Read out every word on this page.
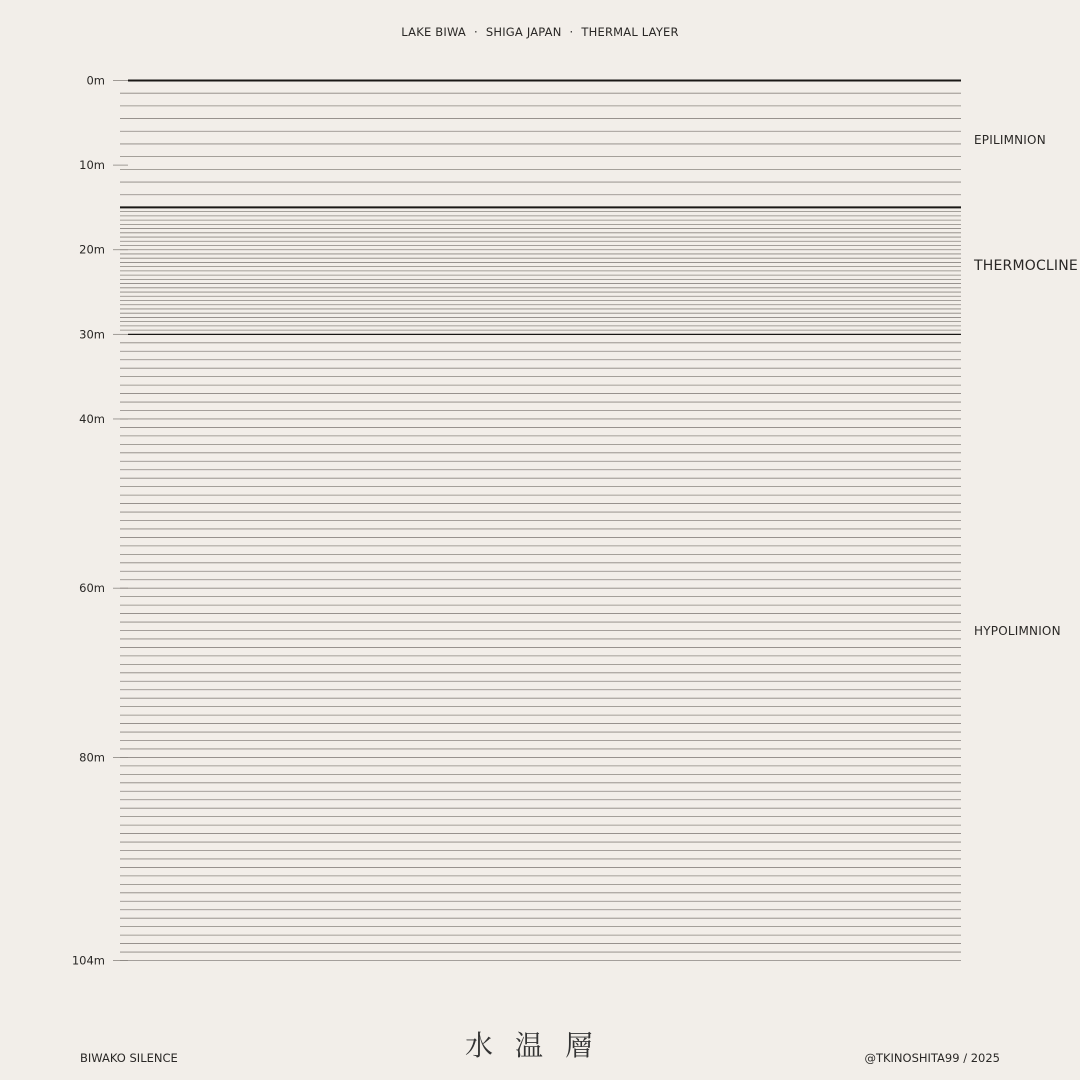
LAKE BIWA · SHIGA JAPAN · THERMAL LAYER
0m
10m
20m
30m
40m
60m
80m
104m
EPILIMNION
THERMOCLINE
HYPOLIMNION
水温層
BIWAKO SILENCE	@TKINOSHITA99 / 2025
